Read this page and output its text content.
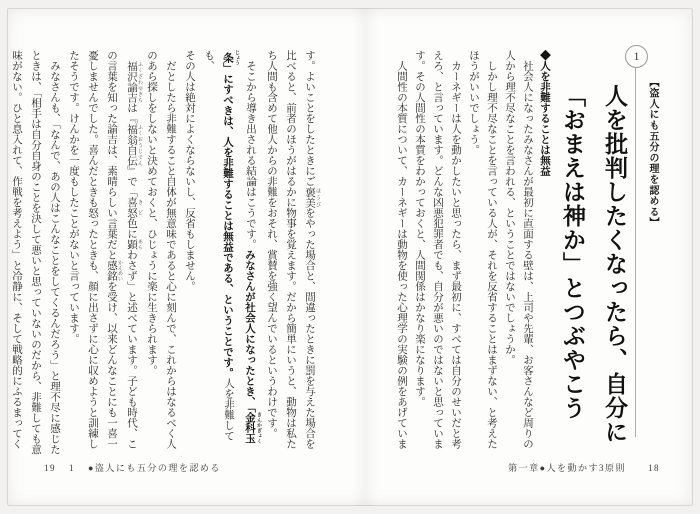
1
【盗人にも五分の理を認める】
人を批判したくなったら、自分に
「おまえは神か」とつぶやこう
◆人を非難することは無益
　社会人になったみなさんが最初に直面する壁は、上司や先輩、お客さんなど周りの
人から理不尽なことを言われる、ということではないでしょうか。
　しかし理不尽なことを言っている人が、それを反省することはまずない、と考えた
ほうがいいでしょう。
　カーネギーは人を動かしたいと思ったら、まず最初に、すべては自分のせいだと考
えろ、と言っています。どんな凶悪犯罪者でも、自分が悪いのではないと思っていま
す。その人間性の本質をわかっておくと、人間関係はかなり楽になります。
　人間性の本質について、カーネギーは動物を使った心理学の実験の例をあげていま
第一章●人を動かす3原則 18
す。よいことをしたときにご褒美 ほうびをやった場合と、間違ったときに罰を与えた場合を
比べると、前者のほうがはるかに物事を覚えます。だから簡単にいうと、動物は私た
ち人間も含めて他人からの非難をおそれ、賞賛を強く望んでいるというわけです。
　そこから導き出される結論はこうです。みなさんが社会人になったとき、「金科玉 きんかぎょく
条 じょう」にすべきは、人を非難することは無益である、ということです。人を非難しても、
その人は絶対によくならないし、反省もしません。
　だとしたら非難すること自体が無意味であると心に刻んで、これからはなるべく人
のあら探しをしないと決めておくと、ひじょうに楽に生きられます。
　福沢諭吉 ふくざわゆきちは『福翁自伝 ふくおうじでん』で「喜怒 きど色に顕 あらわさず」と述べています。子ども時代、こ
の言葉を知った諭吉は、素晴らしい言葉だと感銘 かんめいを受け、以来どんなことにも一喜一
憂しませんでした。喜んだときも怒ったときも、顔に出さずに心に収めようと訓練し
たそうです。けんかを一度もしたことがないと言っています。
　みなさんも、「なんで、あの人はこんなことをしてくるんだろう」と理不尽に感じた
ときは、「相手は自分自身のことを決して悪いと思っていないのだから、非難しても意
味がない。ひと息入れて、作戦を考えよう」と冷静に、そして戦略的にふるまってく
19 1 ●盗人にも五分の理を認める
